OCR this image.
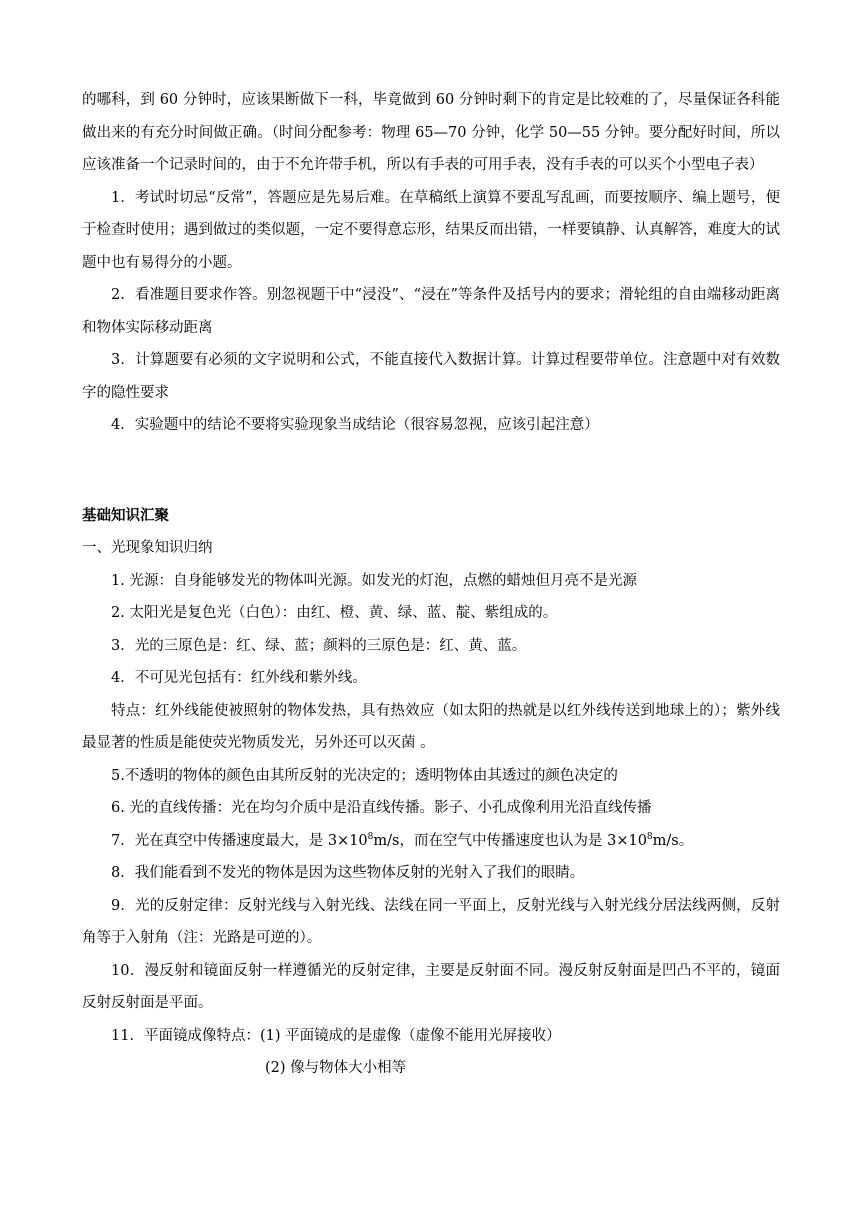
的哪科，到 60 分钟时，应该果断做下一科，毕竟做到 60 分钟时剩下的肯定是比较难的了，尽量保证各科能做出来的有充分时间做正确。（时间分配参考：物理 65—70 分钟，化学 50—55 分钟。要分配好时间，所以应该准备一个记录时间的，由于不允许带手机，所以有手表的可用手表，没有手表的可以买个小型电子表）

1．考试时切忌“反常”，答题应是先易后难。在草稿纸上演算不要乱写乱画，而要按顺序、编上题号，便于检查时使用；遇到做过的类似题，一定不要得意忘形，结果反而出错，一样要镇静、认真解答，难度大的试题中也有易得分的小题。

2．看准题目要求作答。别忽视题干中“浸没”、“浸在”等条件及括号内的要求；滑轮组的自由端移动距离和物体实际移动距离

3．计算题要有必须的文字说明和公式，不能直接代入数据计算。计算过程要带单位。注意题中对有效数字的隐性要求

4．实验题中的结论不要将实验现象当成结论（很容易忽视，应该引起注意）

基础知识汇聚

一、光现象知识归纳

1. 光源：自身能够发光的物体叫光源。如发光的灯泡，点燃的蜡烛但月亮不是光源

2. 太阳光是复色光（白色）：由红、橙、黄、绿、蓝、靛、紫组成的。

3．光的三原色是：红、绿、蓝；颜料的三原色是：红、黄、蓝。

4．不可见光包括有：红外线和紫外线。

特点：红外线能使被照射的物体发热，具有热效应（如太阳的热就是以红外线传送到地球上的）；紫外线最显著的性质是能使荧光物质发光，另外还可以灭菌 。

5.不透明的物体的颜色由其所反射的光决定的；透明物体由其透过的颜色决定的

6. 光的直线传播：光在均匀介质中是沿直线传播。影子、小孔成像利用光沿直线传播

7．光在真空中传播速度最大，是 $3\times 10^8m/s$，而在空气中传播速度也认为是 $3\times 10^8m/s$。

8．我们能看到不发光的物体是因为这些物体反射的光射入了我们的眼睛。

9．光的反射定律：反射光线与入射光线、法线在同一平面上，反射光线与入射光线分居法线两侧，反射角等于入射角（注：光路是可逆的）。

10．漫反射和镜面反射一样遵循光的反射定律，主要是反射面不同。漫反射反射面是凹凸不平的，镜面反射反射面是平面。

11．平面镜成像特点：(1) 平面镜成的是虚像（虚像不能用光屏接收）

(2) 像与物体大小相等
